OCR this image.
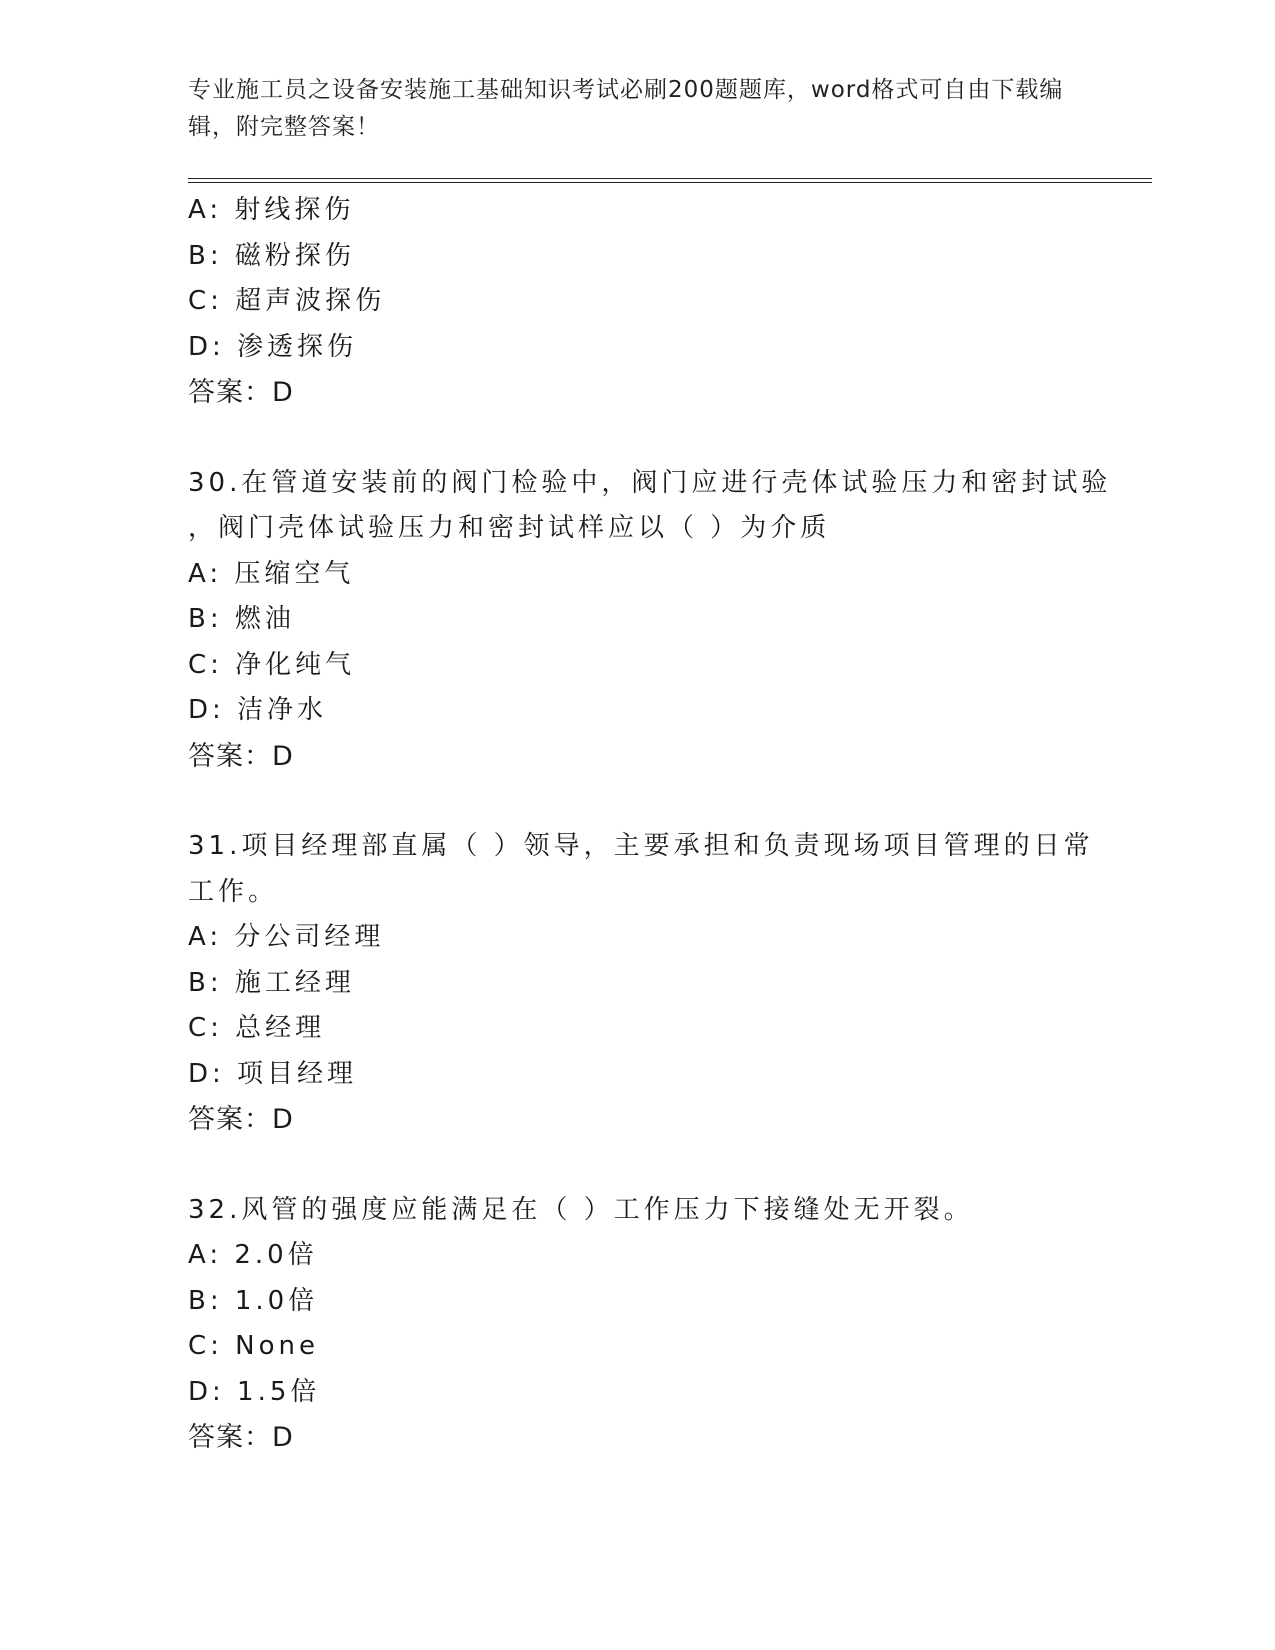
专业施工员之设备安装施工基础知识考试必刷200题题库，word格式可自由下载编辑，附完整答案！
A: 射线探伤
B: 磁粉探伤
C: 超声波探伤
D: 渗透探伤
答案：D
30.在管道安装前的阀门检验中，阀门应进行壳体试验压力和密封试验
，阀门壳体试验压力和密封试样应以（ ）为介质
A: 压缩空气
B: 燃油
C: 净化纯气
D: 洁净水
答案：D
31.项目经理部直属（ ）领导，主要承担和负责现场项目管理的日常
工作。
A: 分公司经理
B: 施工经理
C: 总经理
D: 项目经理
答案：D
32.风管的强度应能满足在（ ）工作压力下接缝处无开裂。
A: 2.0倍
B: 1.0倍
C: None
D: 1.5倍
答案：D
